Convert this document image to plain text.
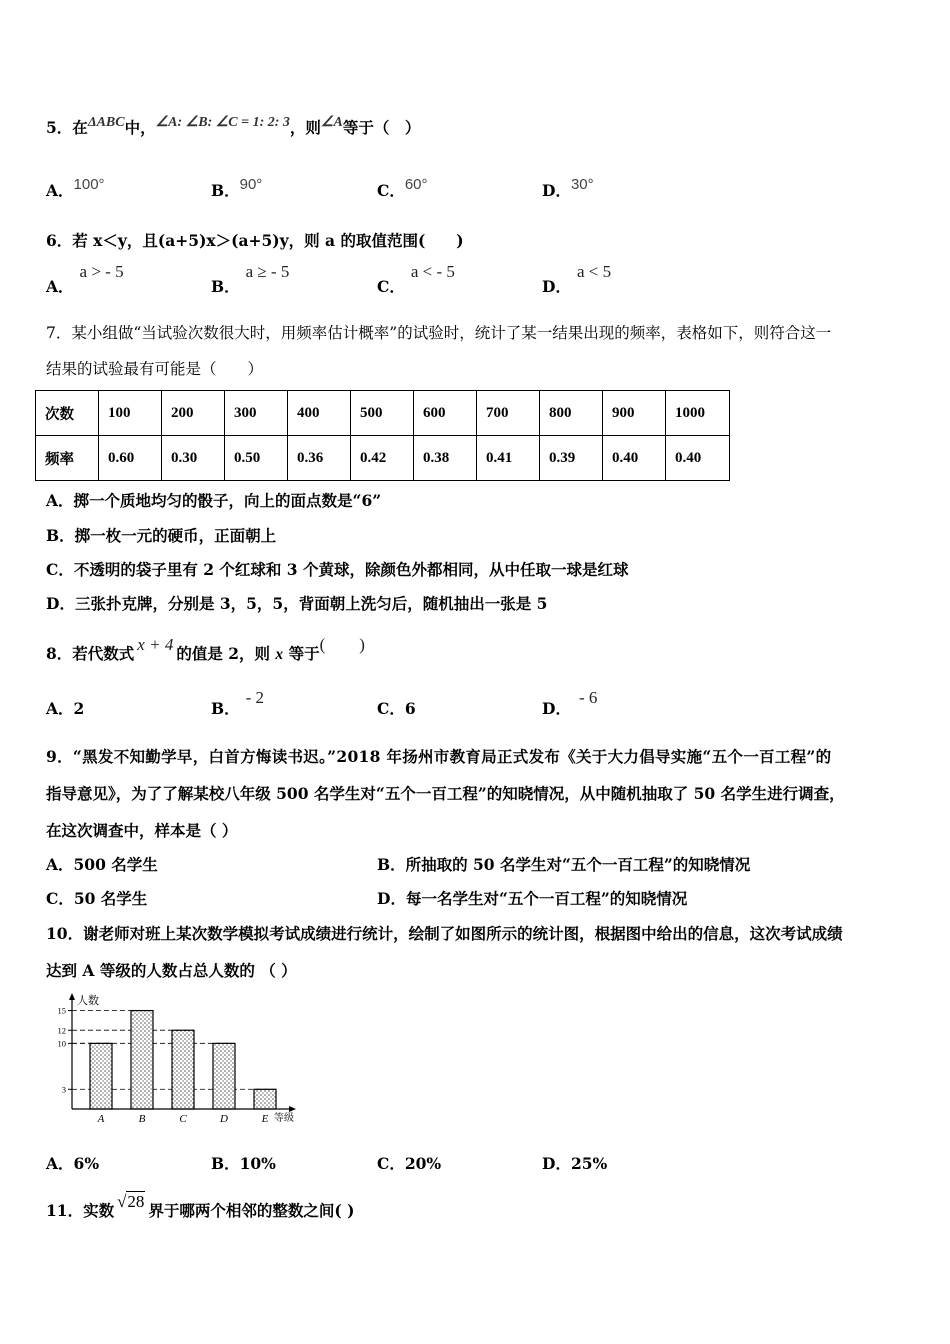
5．在ΔABC中，∠A: ∠B: ∠C = 1: 2: 3，则∠A等于（　）
A．100°	B．90°	C．60°	D．30°
6．若 x＜y，且(a+5)x＞(a+5)y，则 a 的取值范围(　　)
A．a > - 5
B．a ≥ - 5
C．a < - 5
D．a < 5
7．某小组做“当试验次数很大时，用频率估计概率”的试验时，统计了某一结果出现的频率，表格如下，则符合这一
结果的试验最有可能是（　　）
次数	100	200	300	400	500	600	700	800	900	1000
频率	0.60	0.30	0.50	0.36	0.42	0.38	0.41	0.39	0.40	0.40
A．掷一个质地均匀的骰子，向上的面点数是“6”
B．掷一枚一元的硬币，正面朝上
C．不透明的袋子里有 2 个红球和 3 个黄球，除颜色外都相同，从中任取一球是红球
D．三张扑克牌，分别是 3，5，5，背面朝上洗匀后，随机抽出一张是 5
8．若代数式 x + 4 的值是 2，则 x 等于(　　)
A．2	B．- 2
C．6	D．- 6
9．“黑发不知勤学早，白首方悔读书迟。”2018 年扬州市教育局正式发布《关于大力倡导实施“五个一百工程”的
指导意见》，为了了解某校八年级 500 名学生对“五个一百工程”的知晓情况，从中随机抽取了 50 名学生进行调查，
在这次调查中，样本是（ ）
A．500 名学生	B．所抽取的 50 名学生对“五个一百工程”的知晓情况
C．50 名学生	D．每一名学生对“五个一百工程”的知晓情况
10．谢老师对班上某次数学模拟考试成绩进行统计，绘制了如图所示的统计图，根据图中给出的信息，这次考试成绩
达到 A 等级的人数占总人数的 （ ）
人数
等级
15
12
10
3
A	B	C	D	E
A．6%	B．10%	C．20%	D．25%
11．实数 √28 界于哪两个相邻的整数之间( )
